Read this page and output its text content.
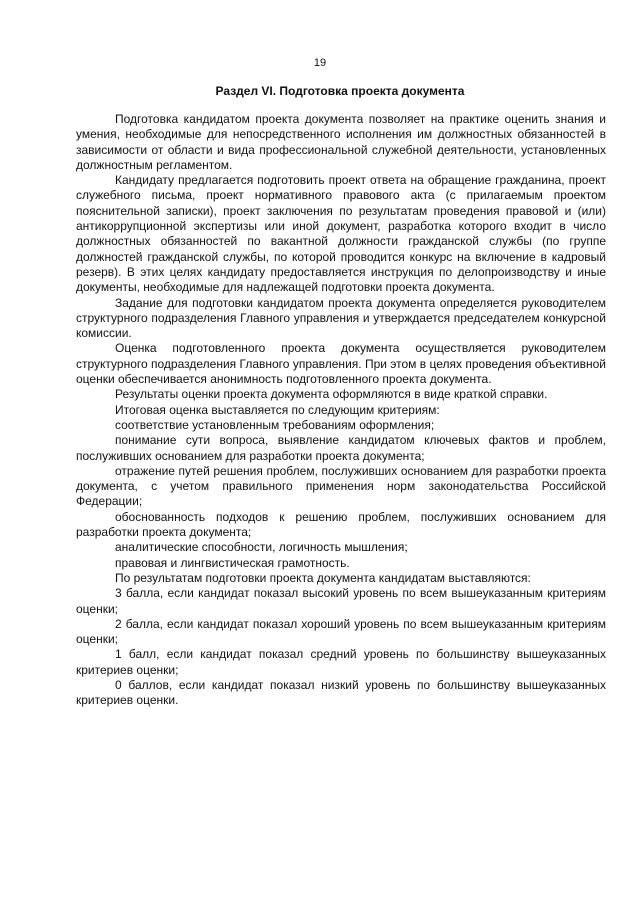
19
Раздел VI. Подготовка проекта документа

Подготовка кандидатом проекта документа позволяет на практике оценить знания и умения, необходимые для непосредственного исполнения им должностных обязанностей в зависимости от области и вида профессиональной служебной деятельности, установленных должностным регламентом.

Кандидату предлагается подготовить проект ответа на обращение гражданина, проект служебного письма, проект нормативного правового акта (с прилагаемым проектом пояснительной записки), проект заключения по результатам проведения правовой и (или) антикоррупционной экспертизы или иной документ, разработка которого входит в число должностных обязанностей по вакантной должности гражданской службы (по группе должностей гражданской службы, по которой проводится конкурс на включение в кадровый резерв). В этих целях кандидату предоставляется инструкция по делопроизводству и иные документы, необходимые для надлежащей подготовки проекта документа.

Задание для подготовки кандидатом проекта документа определяется руководителем структурного подразделения Главного управления и утверждается председателем конкурсной комиссии.

Оценка подготовленного проекта документа осуществляется руководителем структурного подразделения Главного управления. При этом в целях проведения объективной оценки обеспечивается анонимность подготовленного проекта документа.

Результаты оценки проекта документа оформляются в виде краткой справки.

Итоговая оценка выставляется по следующим критериям:

соответствие установленным требованиям оформления;

понимание сути вопроса, выявление кандидатом ключевых фактов и проблем, послуживших основанием для разработки проекта документа;

отражение путей решения проблем, послуживших основанием для разработки проекта документа, с учетом правильного применения норм законодательства Российской Федерации;

обоснованность подходов к решению проблем, послуживших основанием для разработки проекта документа;

аналитические способности, логичность мышления;

правовая и лингвистическая грамотность.

По результатам подготовки проекта документа кандидатам выставляются:

3 балла, если кандидат показал высокий уровень по всем вышеуказанным критериям оценки;

2 балла, если кандидат показал хороший уровень по всем вышеуказанным критериям оценки;

1 балл, если кандидат показал средний уровень по большинству вышеуказанных критериев оценки;

0 баллов, если кандидат показал низкий уровень по большинству вышеуказанных критериев оценки.
